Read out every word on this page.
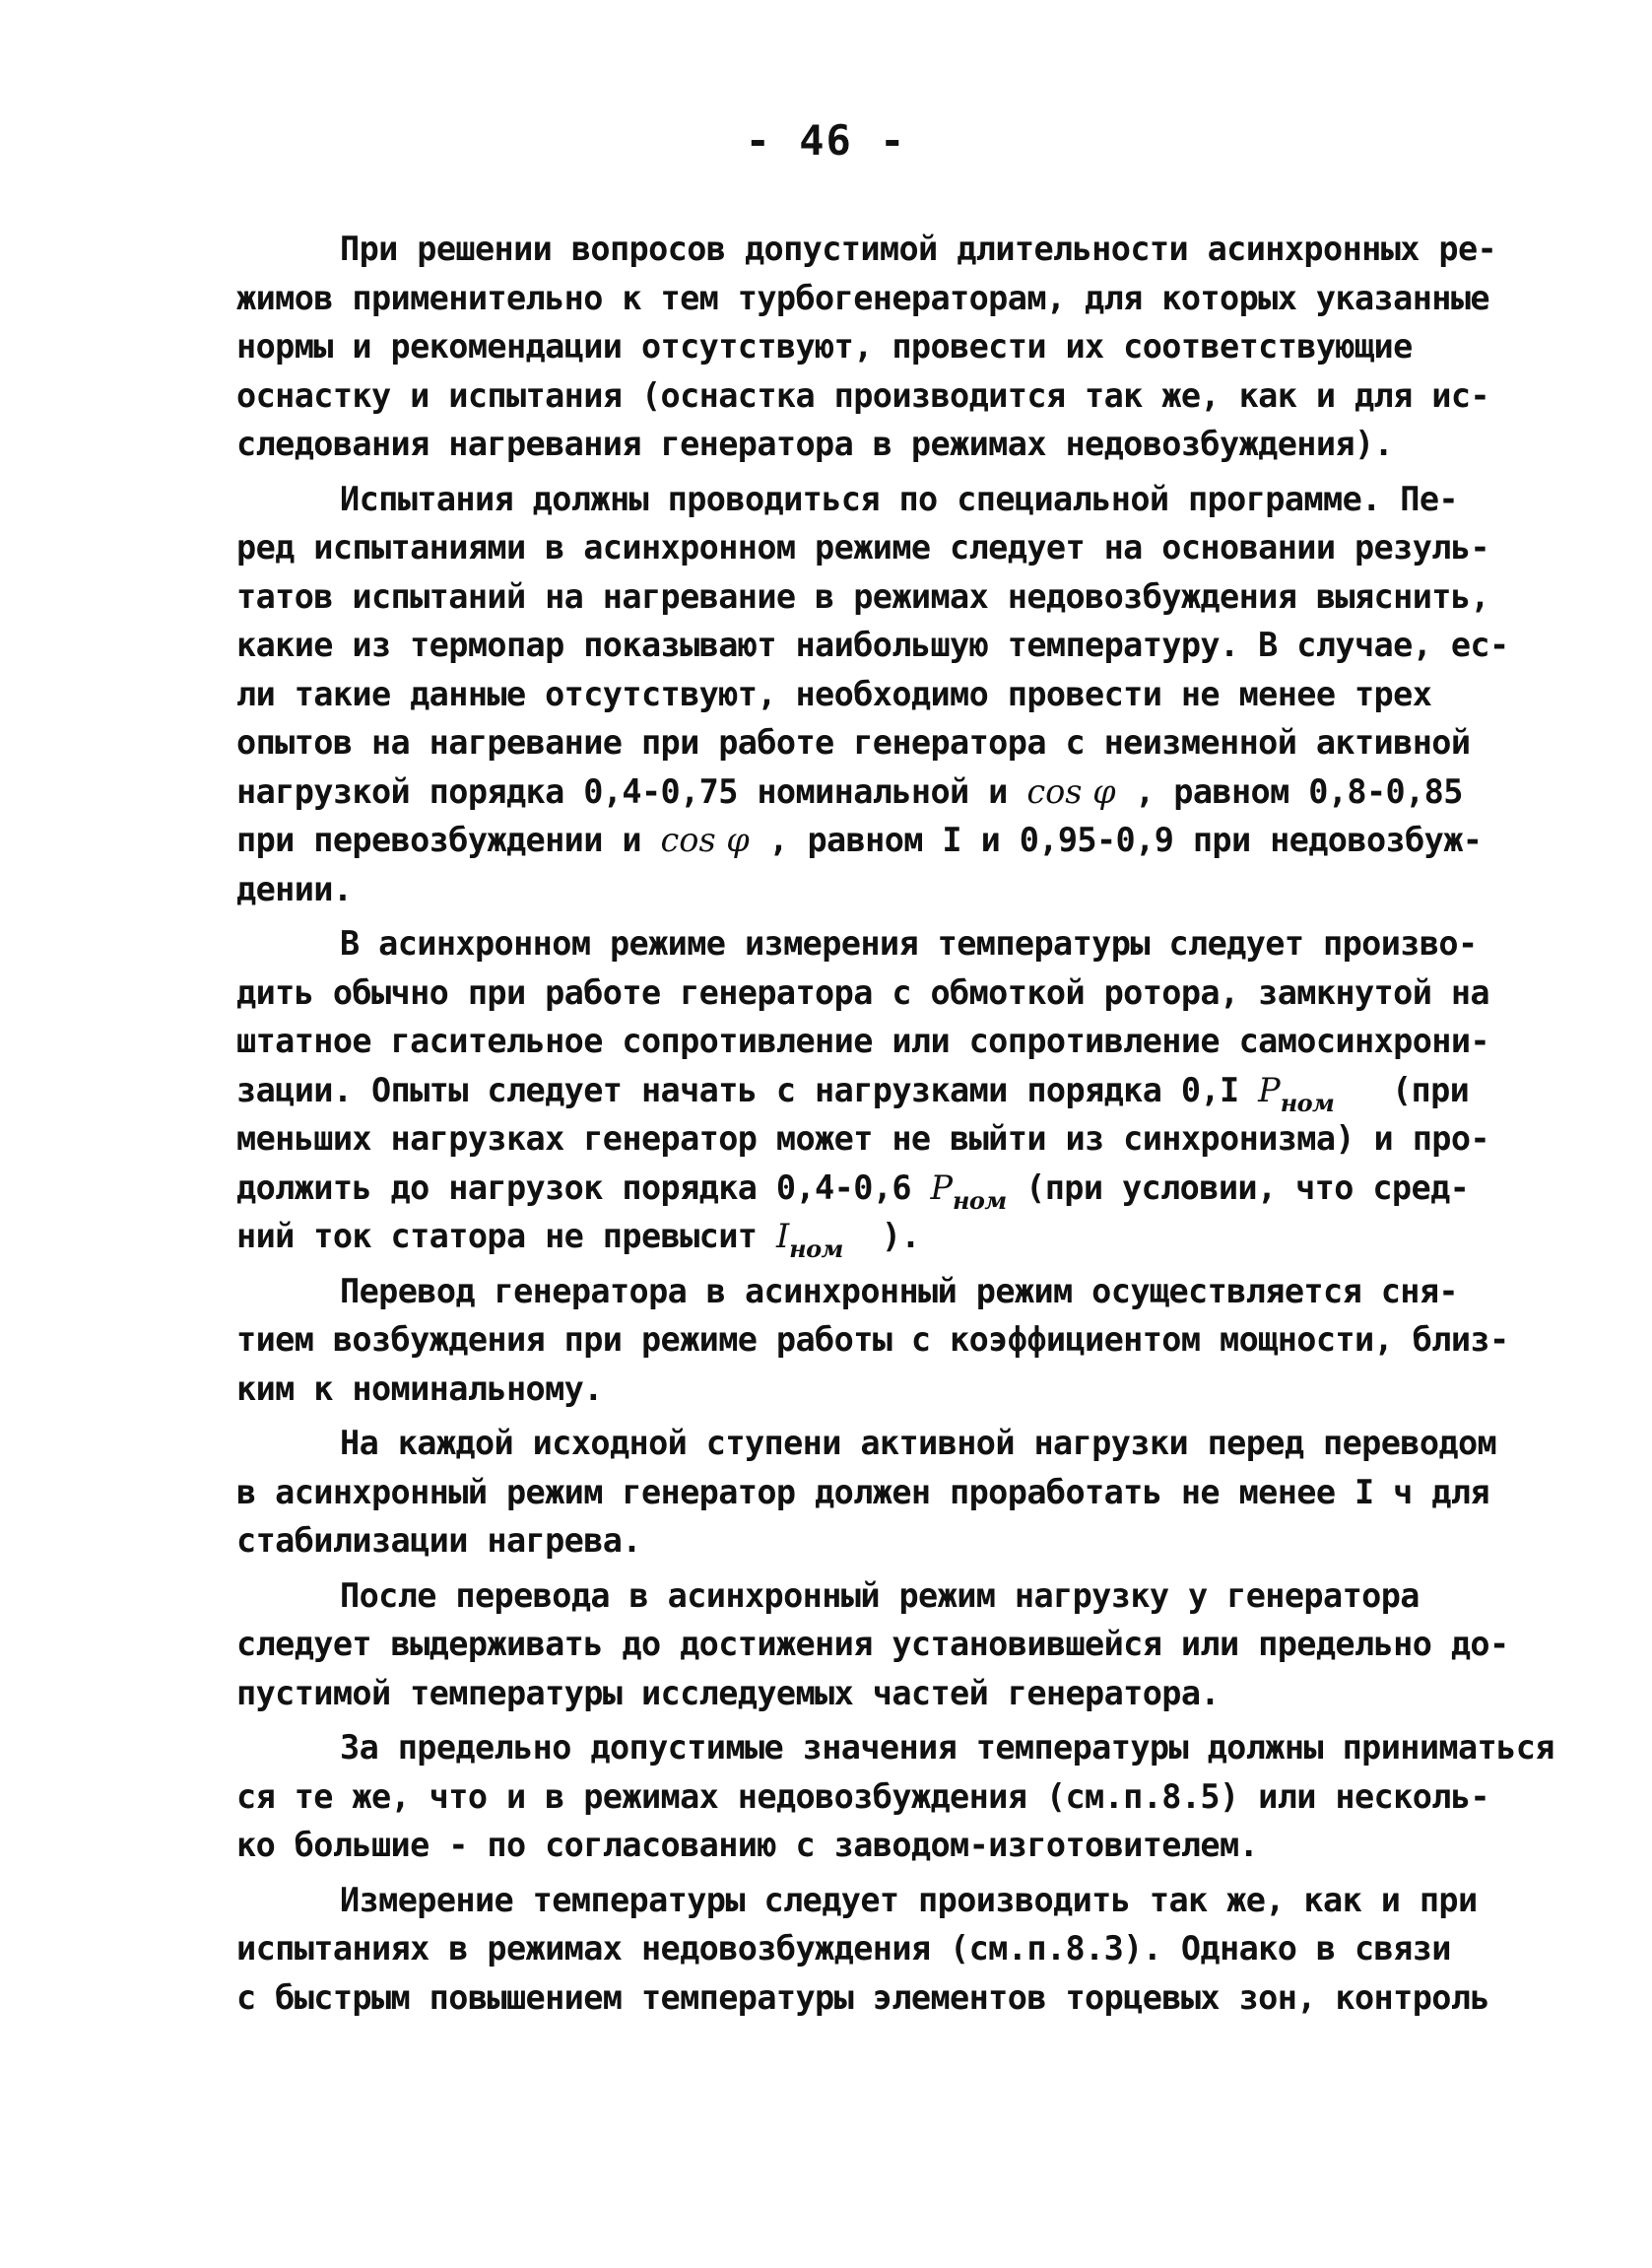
- 46 -
При решении вопросов допустимой длительности асинхронных ре-
жимов применительно к тем турбогенераторам, для которых указанные
нормы и рекомендации отсутствуют, провести их соответствующие
оснастку и испытания (оснастка производится так же, как и для ис-
следования нагревания генератора в режимах недовозбуждения).
Испытания должны проводиться по специальной программе. Пе-
ред испытаниями в асинхронном режиме следует на основании резуль-
татов испытаний на нагревание в режимах недовозбуждения выяснить,
какие из термопар показывают наибольшую температуру. В случае, ес-
ли такие данные отсутствуют, необходимо провести не менее трех
опытов на нагревание при работе генератора с неизменной активной
нагрузкой порядка 0,4-0,75 номинальной и cos φ , равном 0,8-0,85
при перевозбуждении и cos φ , равном I и 0,95-0,9 при недовозбуж-
дении.
В асинхронном режиме измерения температуры следует произво-
дить обычно при работе генератора с обмоткой ротора, замкнутой на
штатное гасительное сопротивление или сопротивление самосинхрони-
зации. Опыты следует начать с нагрузками порядка 0,I $P_{ном}$   (при
меньших нагрузках генератор может не выйти из синхронизма) и про-
должить до нагрузок порядка 0,4-0,6 $P_{ном}$ (при условии, что сред-
ний ток статора не превысит $I_{ном}$  ).
Перевод генератора в асинхронный режим осуществляется сня-
тием возбуждения при режиме работы с коэффициентом мощности, близ-
ким к номинальному.
На каждой исходной ступени активной нагрузки перед переводом
в асинхронный режим генератор должен проработать не менее I ч для
стабилизации нагрева.
После перевода в асинхронный режим нагрузку у генератора
следует выдерживать до достижения установившейся или предельно до-
пустимой температуры исследуемых частей генератора.
За предельно допустимые значения температуры должны приниматься
ся те же, что и в режимах недовозбуждения (см.п.8.5) или несколь-
ко большие - по согласованию с заводом-изготовителем.
Измерение температуры следует производить так же, как и при
испытаниях в режимах недовозбуждения (см.п.8.3). Однако в связи
с быстрым повышением температуры элементов торцевых зон, контроль
